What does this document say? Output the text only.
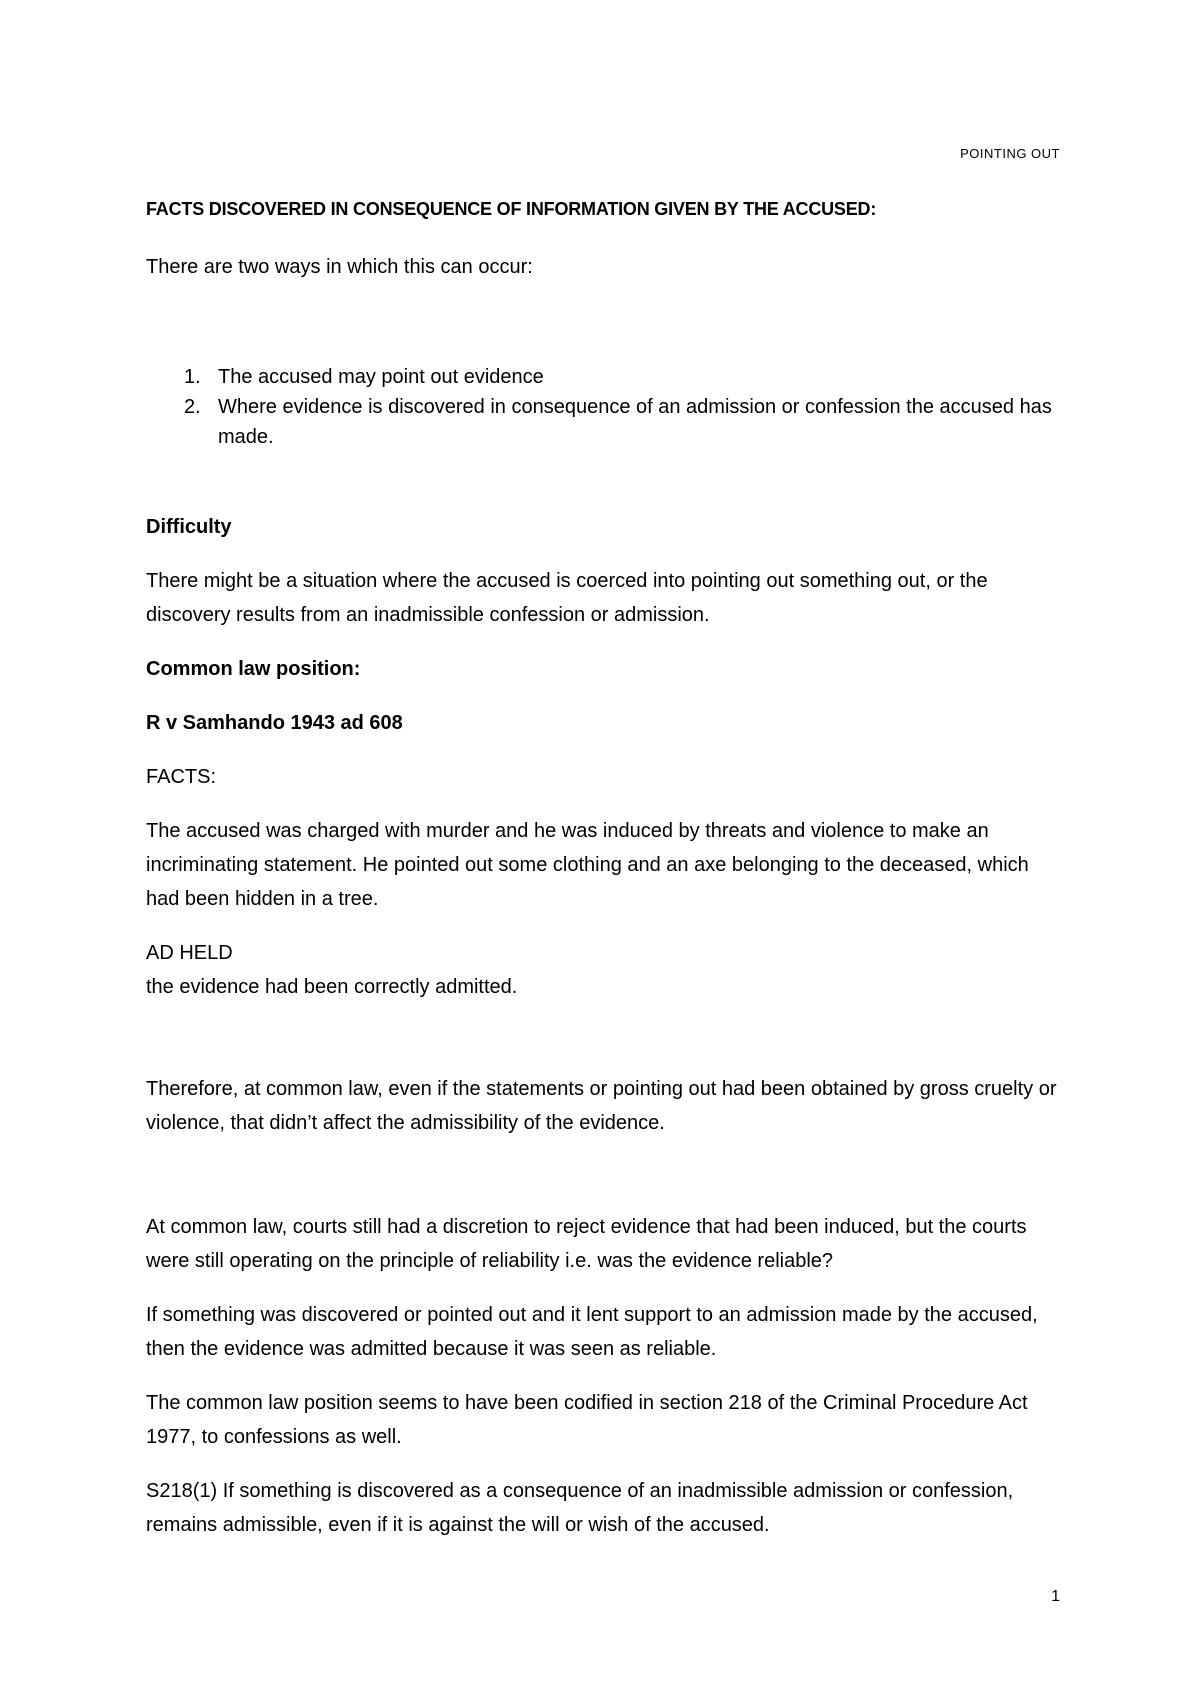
POINTING OUT

FACTS DISCOVERED IN CONSEQUENCE OF INFORMATION GIVEN BY THE ACCUSED:

There are two ways in which this can occur:

1. The accused may point out evidence
2. Where evidence is discovered in consequence of an admission or confession the accused has made.

Difficulty

There might be a situation where the accused is coerced into pointing out something out, or the discovery results from an inadmissible confession or admission.

Common law position:

R v Samhando 1943 ad 608

FACTS:

The accused was charged with murder and he was induced by threats and violence to make an incriminating statement. He pointed out some clothing and an axe belonging to the deceased, which had been hidden in a tree.

AD HELD

the evidence had been correctly admitted.

Therefore, at common law, even if the statements or pointing out had been obtained by gross cruelty or violence, that didn’t affect the admissibility of the evidence.

At common law, courts still had a discretion to reject evidence that had been induced, but the courts were still operating on the principle of reliability i.e. was the evidence reliable?

If something was discovered or pointed out and it lent support to an admission made by the accused, then the evidence was admitted because it was seen as reliable.

The common law position seems to have been codified in section 218 of the Criminal Procedure Act 1977, to confessions as well.

S218(1) If something is discovered as a consequence of an inadmissible admission or confession, remains admissible, even if it is against the will or wish of the accused.

1
